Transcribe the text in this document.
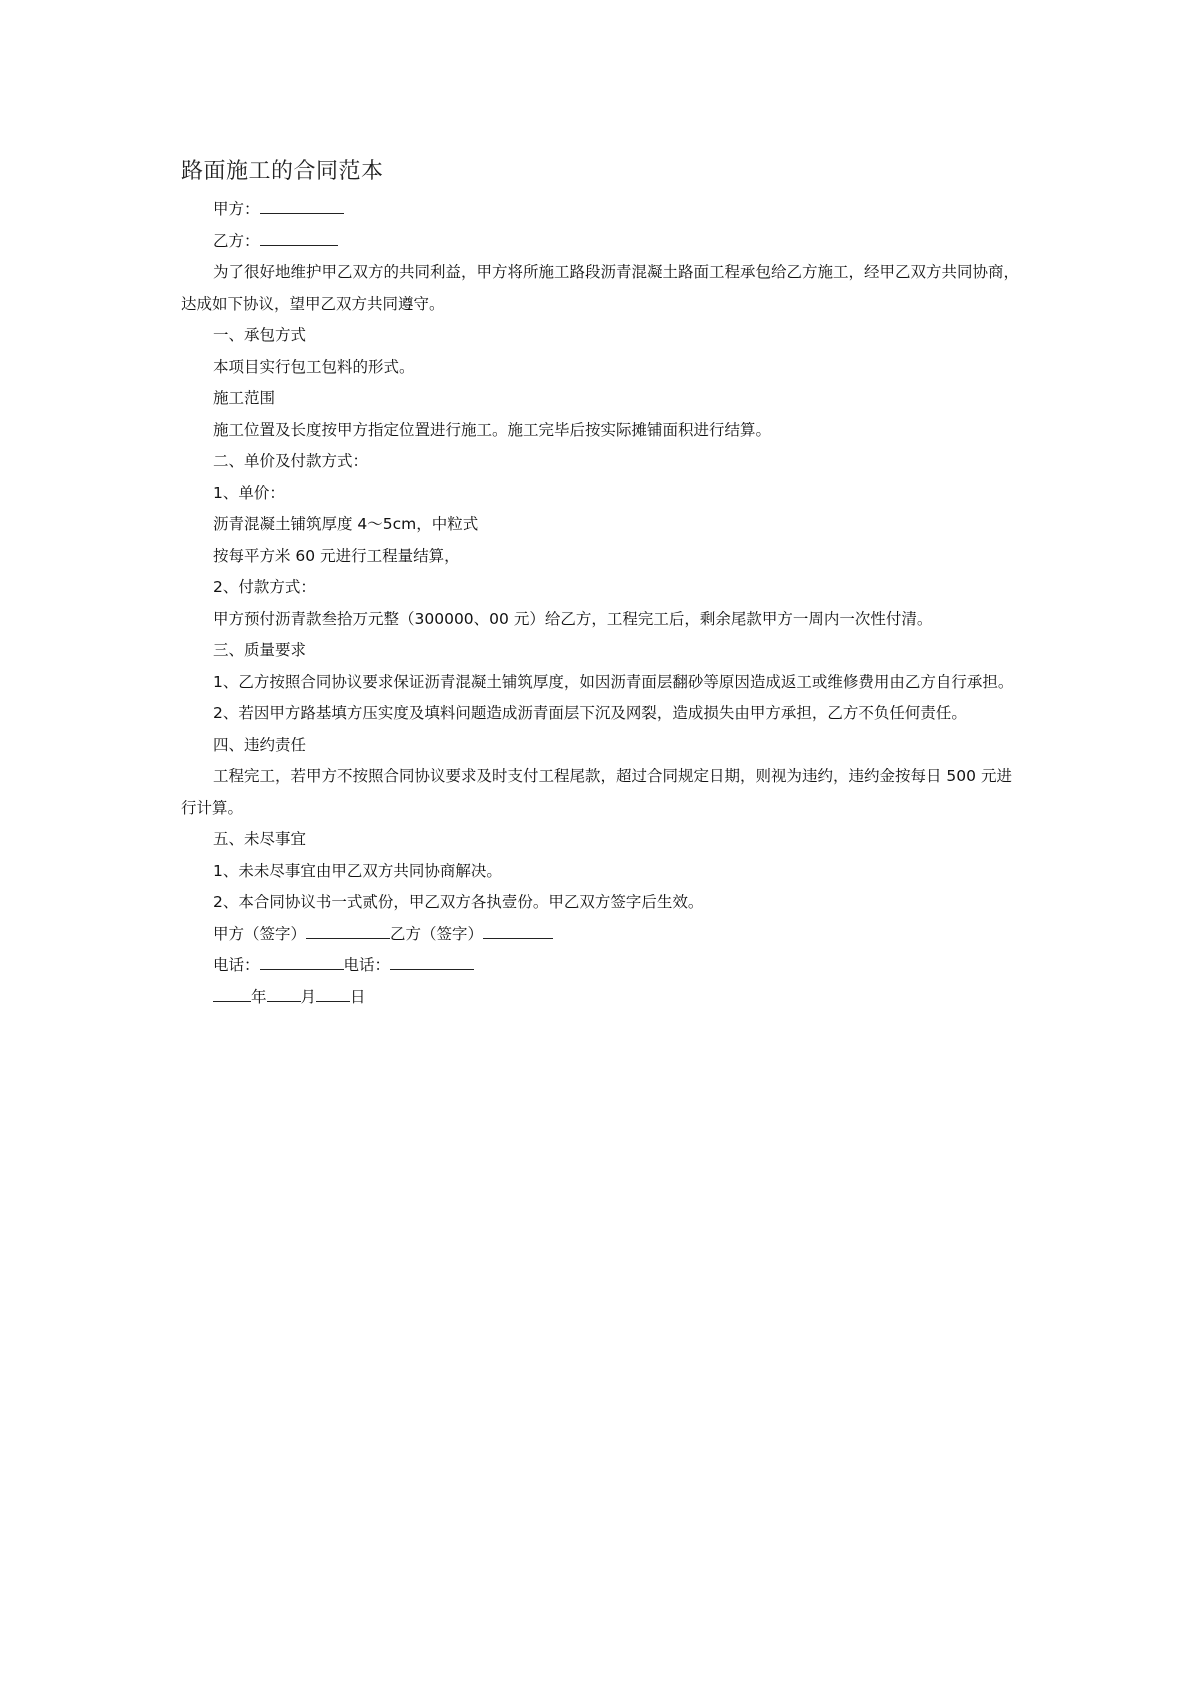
路面施工的合同范本

甲方：

乙方：

为了很好地维护甲乙双方的共同利益，甲方将所施工路段沥青混凝土路面工程承包给乙方施工，经甲乙双方共同协商，达成如下协议，望甲乙双方共同遵守。

一、承包方式

本项目实行包工包料的形式。

施工范围

施工位置及长度按甲方指定位置进行施工。施工完毕后按实际摊铺面积进行结算。

二、单价及付款方式：

1、单价：

沥青混凝土铺筑厚度 4～5cm，中粒式

按每平方米 60 元进行工程量结算，

2、付款方式：

甲方预付沥青款叁拾万元整（300000、00 元）给乙方，工程完工后，剩余尾款甲方一周内一次性付清。

三、质量要求

1、乙方按照合同协议要求保证沥青混凝土铺筑厚度，如因沥青面层翻砂等原因造成返工或维修费用由乙方自行承担。

2、若因甲方路基填方压实度及填料问题造成沥青面层下沉及网裂，造成损失由甲方承担，乙方不负任何责任。

四、违约责任

工程完工，若甲方不按照合同协议要求及时支付工程尾款，超过合同规定日期，则视为违约，违约金按每日 500 元进行计算。

五、未尽事宜

1、未未尽事宜由甲乙双方共同协商解决。

2、本合同协议书一式贰份，甲乙双方各执壹份。甲乙双方签字后生效。

甲方（签字）	乙方（签字）

电话：	电话：

年 月 日
